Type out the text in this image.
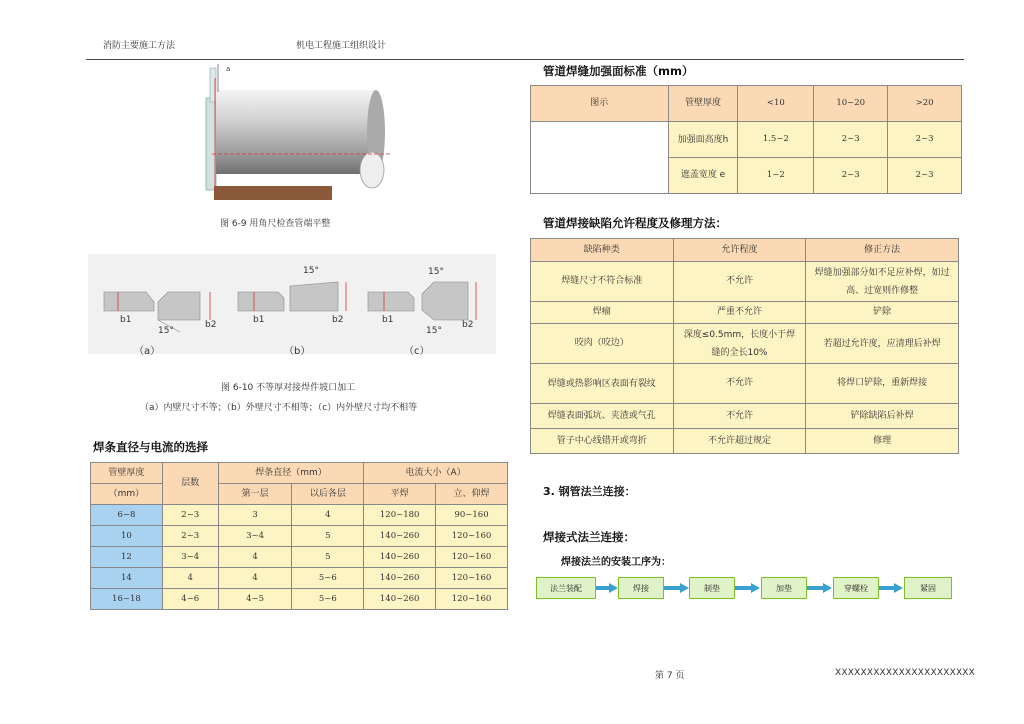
消防主要施工方法	机电工程施工组织设计
a
图 6-9 用角尺检查管端平整
15°	15°
15°	15°
b1	b2	b1	b2	b1	b2
（a）	（b）	（c）
图 6-10 不等厚对接焊件坡口加工
（a）内壁尺寸不等；（b）外壁尺寸不相等；（c）内外壁尺寸均不相等
焊条直径与电流的选择
管壁厚度	层数	焊条直径（mm）		电流大小（A）	
（mm）		第一层	以后各层	平焊	立、仰焊
6~8	2~3	3	4	120~180	90~160
10	2~3	3~4	5	140~260	120~160
12	3~4	4	5	140~260	120~160
14	4	4	5~6	140~260	120~160
16~18	4~6	4~5	5~6	140~260	120~160
管道焊缝加强面标准（mm）
图示	管壁厚度	<10	10~20	>20
	加强面高度h	1.5~2	2~3	2~3
	遮盖宽度 e	1~2	2~3	2~3
管道焊接缺陷允许程度及修理方法：
缺陷种类	允许程度	修正方法
焊缝尺寸不符合标准	不允许	焊缝加强部分如不足应补焊，如过高、过宽则作修整
焊瘤	严重不允许	铲除
咬肉（咬边）	深度≤0.5mm，长度小于焊缝的全长10%	若超过允许度，应清理后补焊
焊缝或热影响区表面有裂纹	不允许	将焊口铲除，重新焊接
焊缝表面弧坑、夹渣或气孔	不允许	铲除缺陷后补焊
管子中心线错开或弯折	不允许超过规定	修理
3. 钢管法兰连接：
焊接式法兰连接：
焊接法兰的安装工序为：
法兰装配	焊接	制垫	加垫	穿螺栓	紧固
第 7 页	XXXXXXXXXXXXXXXXXXXXXX
